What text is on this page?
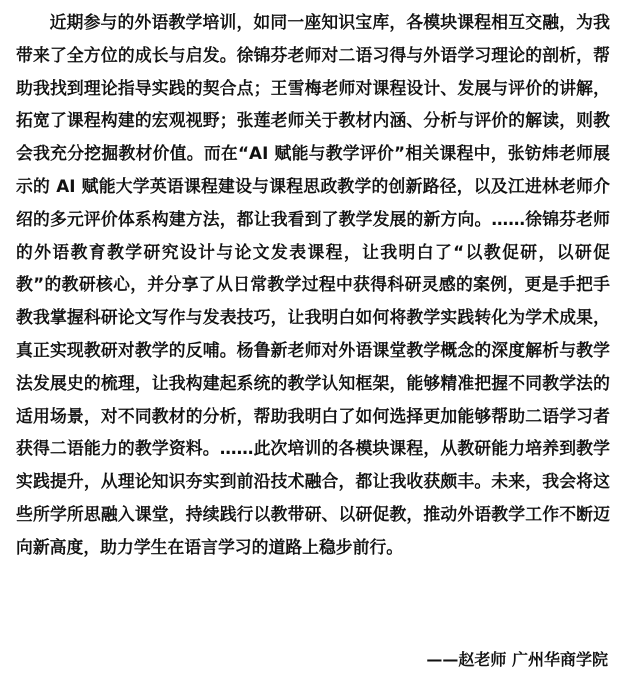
近期参与的外语教学培训，如同一座知识宝库，各模块课程相互交融，为我带来了全方位的成长与启发。徐锦芬老师对二语习得与外语学习理论的剖析，帮助我找到理论指导实践的契合点；王雪梅老师对课程设计、发展与评价的讲解，拓宽了课程构建的宏观视野；张莲老师关于教材内涵、分析与评价的解读，则教会我充分挖掘教材价值。而在“AI 赋能与教学评价”相关课程中，张钫炜老师展示的 AI 赋能大学英语课程建设与课程思政教学的创新路径，以及江进林老师介绍的多元评价体系构建方法，都让我看到了教学发展的新方向。……徐锦芬老师的外语教育教学研究设计与论文发表课程，让我明白了“以教促研，以研促教”的教研核心，并分享了从日常教学过程中获得科研灵感的案例，更是手把手教我掌握科研论文写作与发表技巧，让我明白如何将教学实践转化为学术成果，真正实现教研对教学的反哺。杨鲁新老师对外语课堂教学概念的深度解析与教学法发展史的梳理，让我构建起系统的教学认知框架，能够精准把握不同教学法的适用场景，对不同教材的分析，帮助我明白了如何选择更加能够帮助二语学习者获得二语能力的教学资料。……此次培训的各模块课程，从教研能力培养到教学实践提升，从理论知识夯实到前沿技术融合，都让我收获颇丰。未来，我会将这些所学所思融入课堂，持续践行以教带研、以研促教，推动外语教学工作不断迈向新高度，助力学生在语言学习的道路上稳步前行。

——赵老师 广州华商学院
